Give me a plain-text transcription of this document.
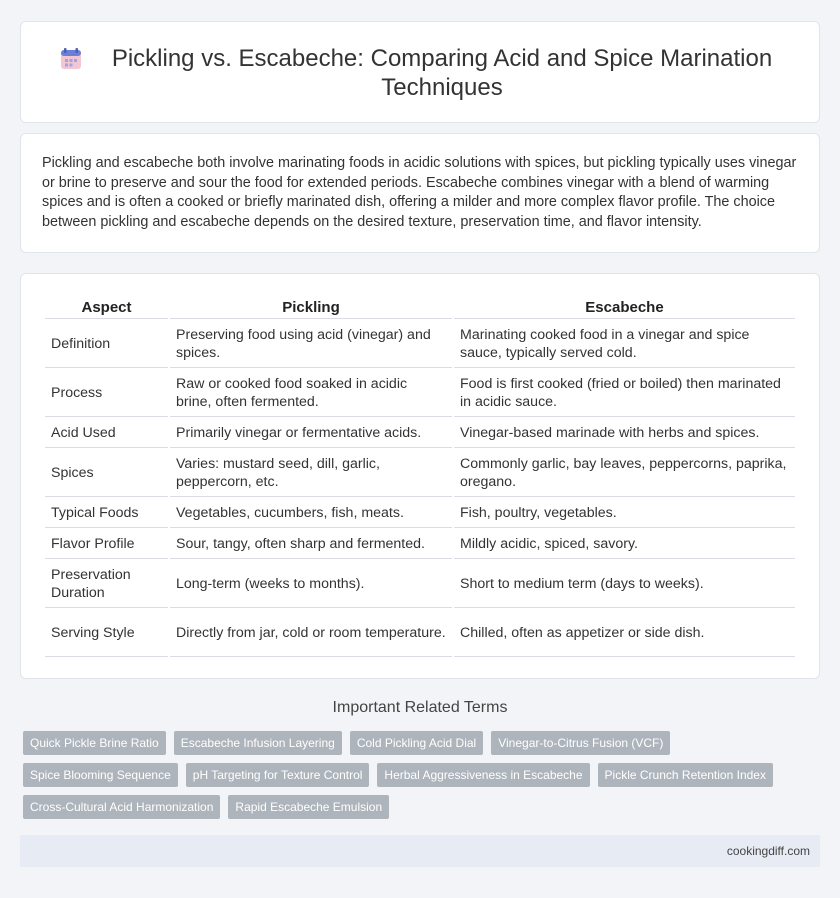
Pickling vs. Escabeche: Comparing Acid and Spice Marination Techniques

Pickling and escabeche both involve marinating foods in acidic solutions with spices, but pickling typically uses vinegar or brine to preserve and sour the food for extended periods. Escabeche combines vinegar with a blend of warming spices and is often a cooked or briefly marinated dish, offering a milder and more complex flavor profile. The choice between pickling and escabeche depends on the desired texture, preservation time, and flavor intensity.

Aspect	Pickling	Escabeche
Definition	Preserving food using acid (vinegar) and spices.	Marinating cooked food in a vinegar and spice sauce, typically served cold.
Process	Raw or cooked food soaked in acidic brine, often fermented.	Food is first cooked (fried or boiled) then marinated in acidic sauce.
Acid Used	Primarily vinegar or fermentative acids.	Vinegar-based marinade with herbs and spices.
Spices	Varies: mustard seed, dill, garlic, peppercorn, etc.	Commonly garlic, bay leaves, peppercorns, paprika, oregano.
Typical Foods	Vegetables, cucumbers, fish, meats.	Fish, poultry, vegetables.
Flavor Profile	Sour, tangy, often sharp and fermented.	Mildly acidic, spiced, savory.
Preservation Duration	Long-term (weeks to months).	Short to medium term (days to weeks).
Serving Style	Directly from jar, cold or room temperature.	Chilled, often as appetizer or side dish.
Important Related Terms
Quick Pickle Brine Ratio	Escabeche Infusion Layering	Cold Pickling Acid Dial	Vinegar-to-Citrus Fusion (VCF)
Spice Blooming Sequence	pH Targeting for Texture Control	Herbal Aggressiveness in Escabeche	Pickle Crunch Retention Index
Cross-Cultural Acid Harmonization	Rapid Escabeche Emulsion
cookingdiff.com
